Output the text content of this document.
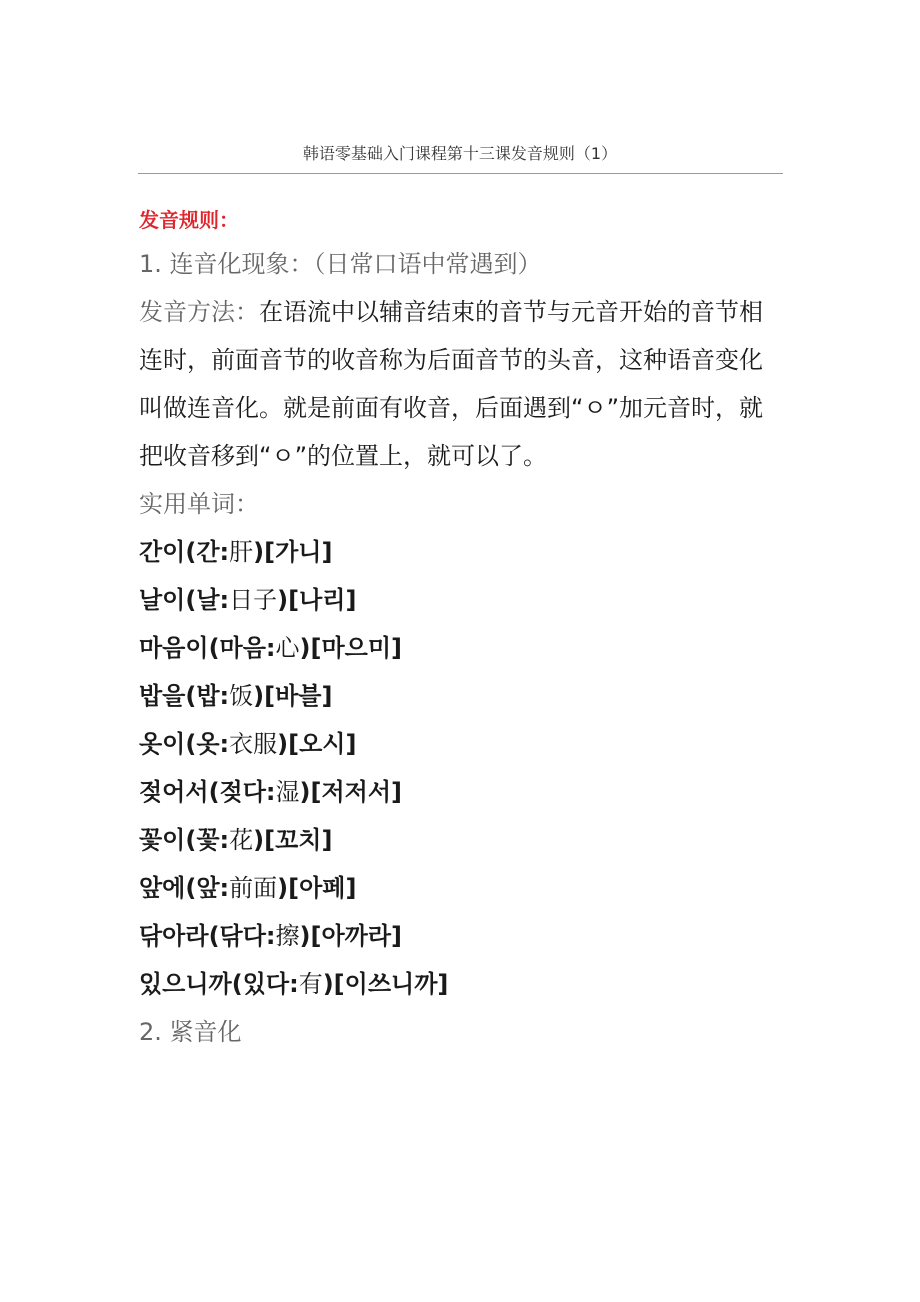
韩语零基础入门课程第十三课发音规则（1）
发音规则：
1. 连音化现象：（日常口语中常遇到）
发音方法：在语流中以辅音结束的音节与元音开始的音节相连时，前面音节的收音称为后面音节的头音，这种语音变化叫做连音化。就是前面有收音，后面遇到“ㅇ”加元音时，就把收音移到“ㅇ”的位置上，就可以了。
实用单词：
간이(간:肝)[가니]
날이(날:日子)[나리]
마음이(마음:心)[마으미]
밥을(밥:饭)[바블]
옷이(옷:衣服)[오시]
젖어서(젖다:湿)[저저서]
꽃이(꽃:花)[꼬치]
앞에(앞:前面)[아페]
닦아라(닦다:擦)[아까라]
있으니까(있다:有)[이쓰니까]
2. 紧音化
